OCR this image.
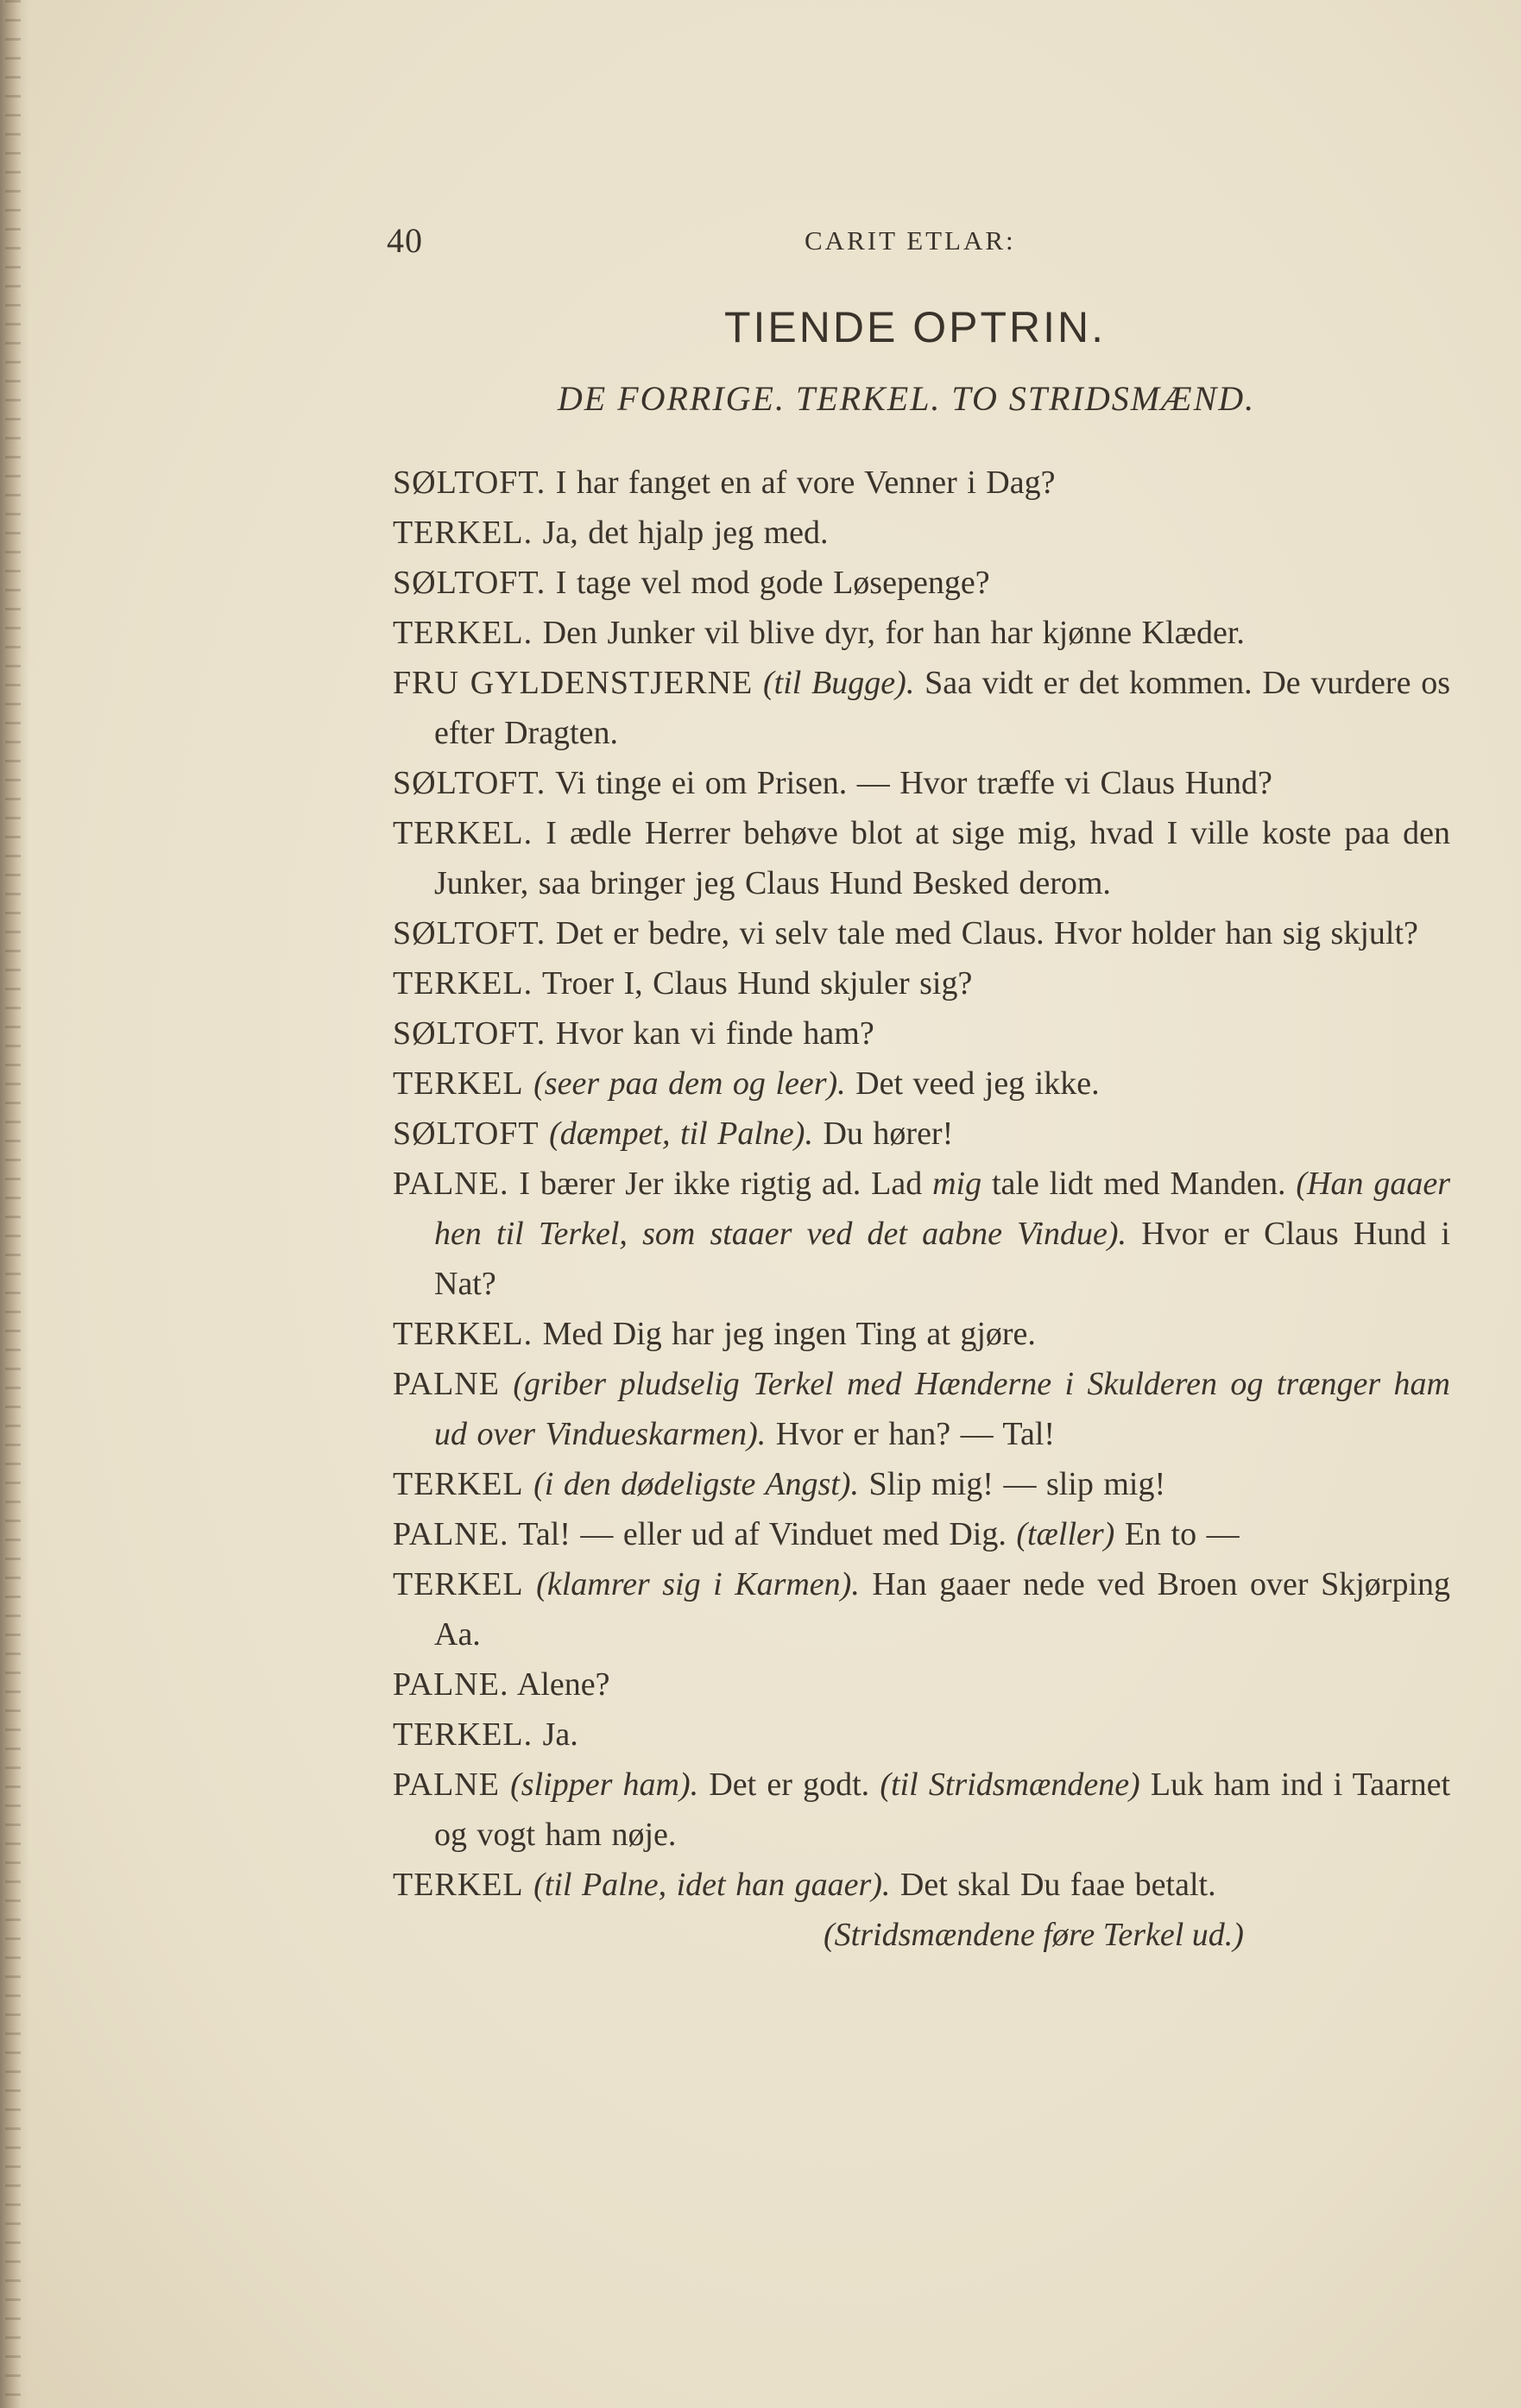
40	CARIT ETLAR:
TIENDE OPTRIN.
DE FORRIGE. TERKEL. TO STRIDSMÆND.
SØLTOFT. I har fanget en af vore Venner i Dag?
TERKEL. Ja, det hjalp jeg med.
SØLTOFT. I tage vel mod gode Løsepenge?
TERKEL. Den Junker vil blive dyr, for han har kjønne Klæder.
FRU GYLDENSTJERNE (til Bugge). Saa vidt er det kommen. De vurdere os efter Dragten.
SØLTOFT. Vi tinge ei om Prisen. — Hvor træffe vi Claus Hund?
TERKEL. I ædle Herrer behøve blot at sige mig, hvad I ville koste paa den Junker, saa bringer jeg Claus Hund Besked derom.
SØLTOFT. Det er bedre, vi selv tale med Claus. Hvor holder han sig skjult?
TERKEL. Troer I, Claus Hund skjuler sig?
SØLTOFT. Hvor kan vi finde ham?
TERKEL (seer paa dem og leer). Det veed jeg ikke.
SØLTOFT (dæmpet, til Palne). Du hører!
PALNE. I bærer Jer ikke rigtig ad. Lad mig tale lidt med Manden. (Han gaaer hen til Terkel, som staaer ved det aabne Vindue). Hvor er Claus Hund i Nat?
TERKEL. Med Dig har jeg ingen Ting at gjøre.
PALNE (griber pludselig Terkel med Hænderne i Skulderen og trænger ham ud over Vindueskarmen). Hvor er han? — Tal!
TERKEL (i den dødeligste Angst). Slip mig! — slip mig!
PALNE. Tal! — eller ud af Vinduet med Dig. (tæller) En to —
TERKEL (klamrer sig i Karmen). Han gaaer nede ved Broen over Skjørping Aa.
PALNE. Alene?
TERKEL. Ja.
PALNE (slipper ham). Det er godt. (til Stridsmændene) Luk ham ind i Taarnet og vogt ham nøje.
TERKEL (til Palne, idet han gaaer). Det skal Du faae betalt.
(Stridsmændene føre Terkel ud.)
